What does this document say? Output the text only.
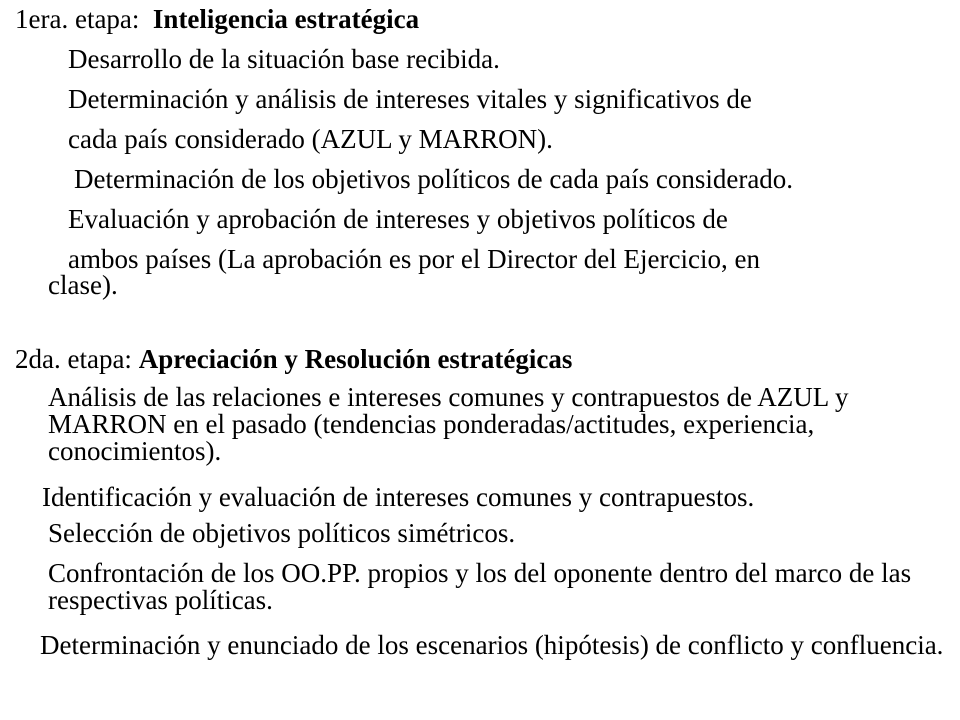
1era. etapa: Inteligencia estratégica
Desarrollo de la situación base recibida.
Determinación y análisis de intereses vitales y significativos de
cada país considerado (AZUL y MARRON).
Determinación de los objetivos políticos de cada país considerado.
Evaluación y aprobación de intereses y objetivos políticos de
ambos países (La aprobación es por el Director del Ejercicio, en
clase).
2da. etapa: Apreciación y Resolución estratégicas
Análisis de las relaciones e intereses comunes y contrapuestos de AZUL y MARRON en el pasado (tendencias ponderadas/actitudes, experiencia, conocimientos).
Identificación y evaluación de intereses comunes y contrapuestos.
Selección de objetivos políticos simétricos.
Confrontación de los OO.PP. propios y los del oponente dentro del marco de las respectivas políticas.
Determinación y enunciado de los escenarios (hipótesis) de conflicto y confluencia.
